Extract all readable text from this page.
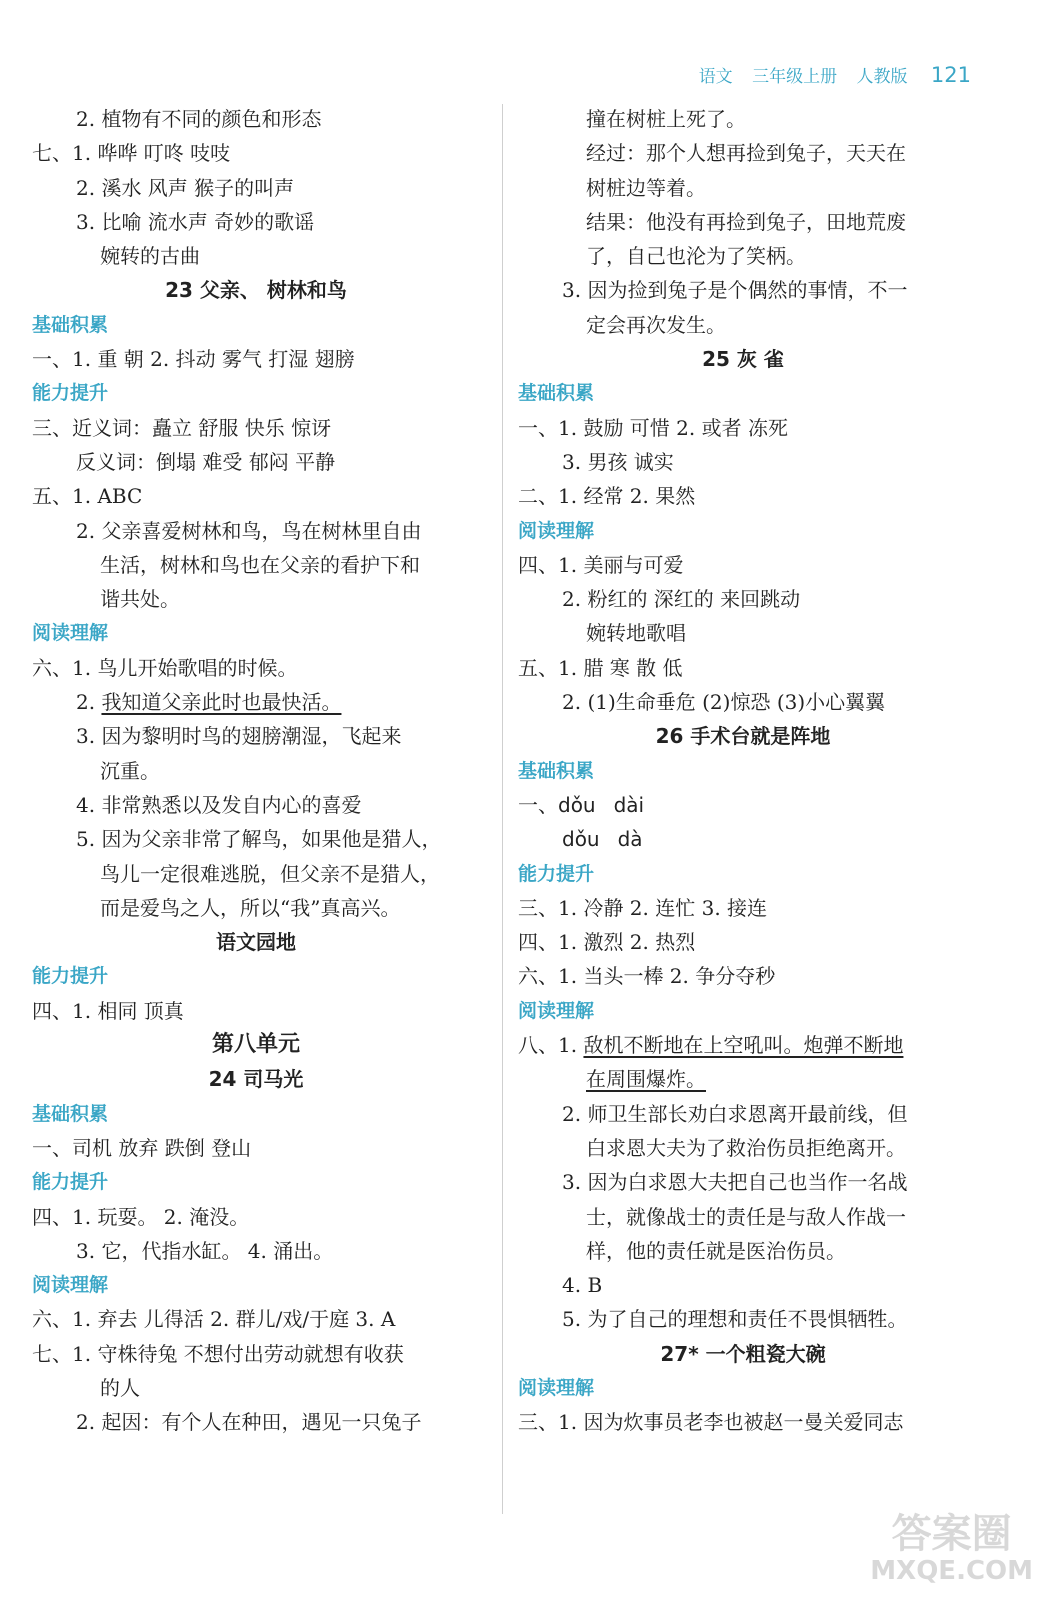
语文 三年级上册 人教版 121
2. 植物有不同的颜色和形态
七、1. 哗哗 叮咚 吱吱
2. 溪水 风声 猴子的叫声
3. 比喻 流水声 奇妙的歌谣
婉转的古曲
23 父亲、 树林和鸟
基础积累
一、1. 重 朝 2. 抖动 雾气 打湿 翅膀
能力提升
三、近义词：矗立 舒服 快乐 惊讶
反义词：倒塌 难受 郁闷 平静
五、1. ABC
2. 父亲喜爱树林和鸟，鸟在树林里自由
生活，树林和鸟也在父亲的看护下和
谐共处。
阅读理解
六、1. 鸟儿开始歌唱的时候。
2. 我知道父亲此时也最快活。
3. 因为黎明时鸟的翅膀潮湿，飞起来
沉重。
4. 非常熟悉以及发自内心的喜爱
5. 因为父亲非常了解鸟，如果他是猎人，
鸟儿一定很难逃脱，但父亲不是猎人，
而是爱鸟之人，所以“我”真高兴。
语文园地
能力提升
四、1. 相同 顶真
第八单元
24 司马光
基础积累
一、司机 放弃 跌倒 登山
能力提升
四、1. 玩耍。 2. 淹没。
3. 它，代指水缸。 4. 涌出。
阅读理解
六、1. 弃去 儿得活 2. 群儿/戏/于庭 3. A
七、1. 守株待兔 不想付出劳动就想有收获
的人
2. 起因：有个人在种田，遇见一只兔子
撞在树桩上死了。
经过：那个人想再捡到兔子，天天在
树桩边等着。
结果：他没有再捡到兔子，田地荒废
了，自己也沦为了笑柄。
3. 因为捡到兔子是个偶然的事情，不一
定会再次发生。
25 灰 雀
基础积累
一、1. 鼓励 可惜 2. 或者 冻死
3. 男孩 诚实
二、1. 经常 2. 果然
阅读理解
四、1. 美丽与可爱
2. 粉红的 深红的 来回跳动
婉转地歌唱
五、1. 腊 寒 散 低
2. (1)生命垂危 (2)惊恐 (3)小心翼翼
26 手术台就是阵地
基础积累
一、dǒu dài
dǒu dà
能力提升
三、1. 冷静 2. 连忙 3. 接连
四、1. 激烈 2. 热烈
六、1. 当头一棒 2. 争分夺秒
阅读理解
八、1. 敌机不断地在上空吼叫。炮弹不断地
在周围爆炸。
2. 师卫生部长劝白求恩离开最前线，但
白求恩大夫为了救治伤员拒绝离开。
3. 因为白求恩大夫把自己也当作一名战
士，就像战士的责任是与敌人作战一
样，他的责任就是医治伤员。
4. B
5. 为了自己的理想和责任不畏惧牺牲。
27* 一个粗瓷大碗
阅读理解
三、1. 因为炊事员老李也被赵一曼关爱同志
答案圈
MXQE.COM
